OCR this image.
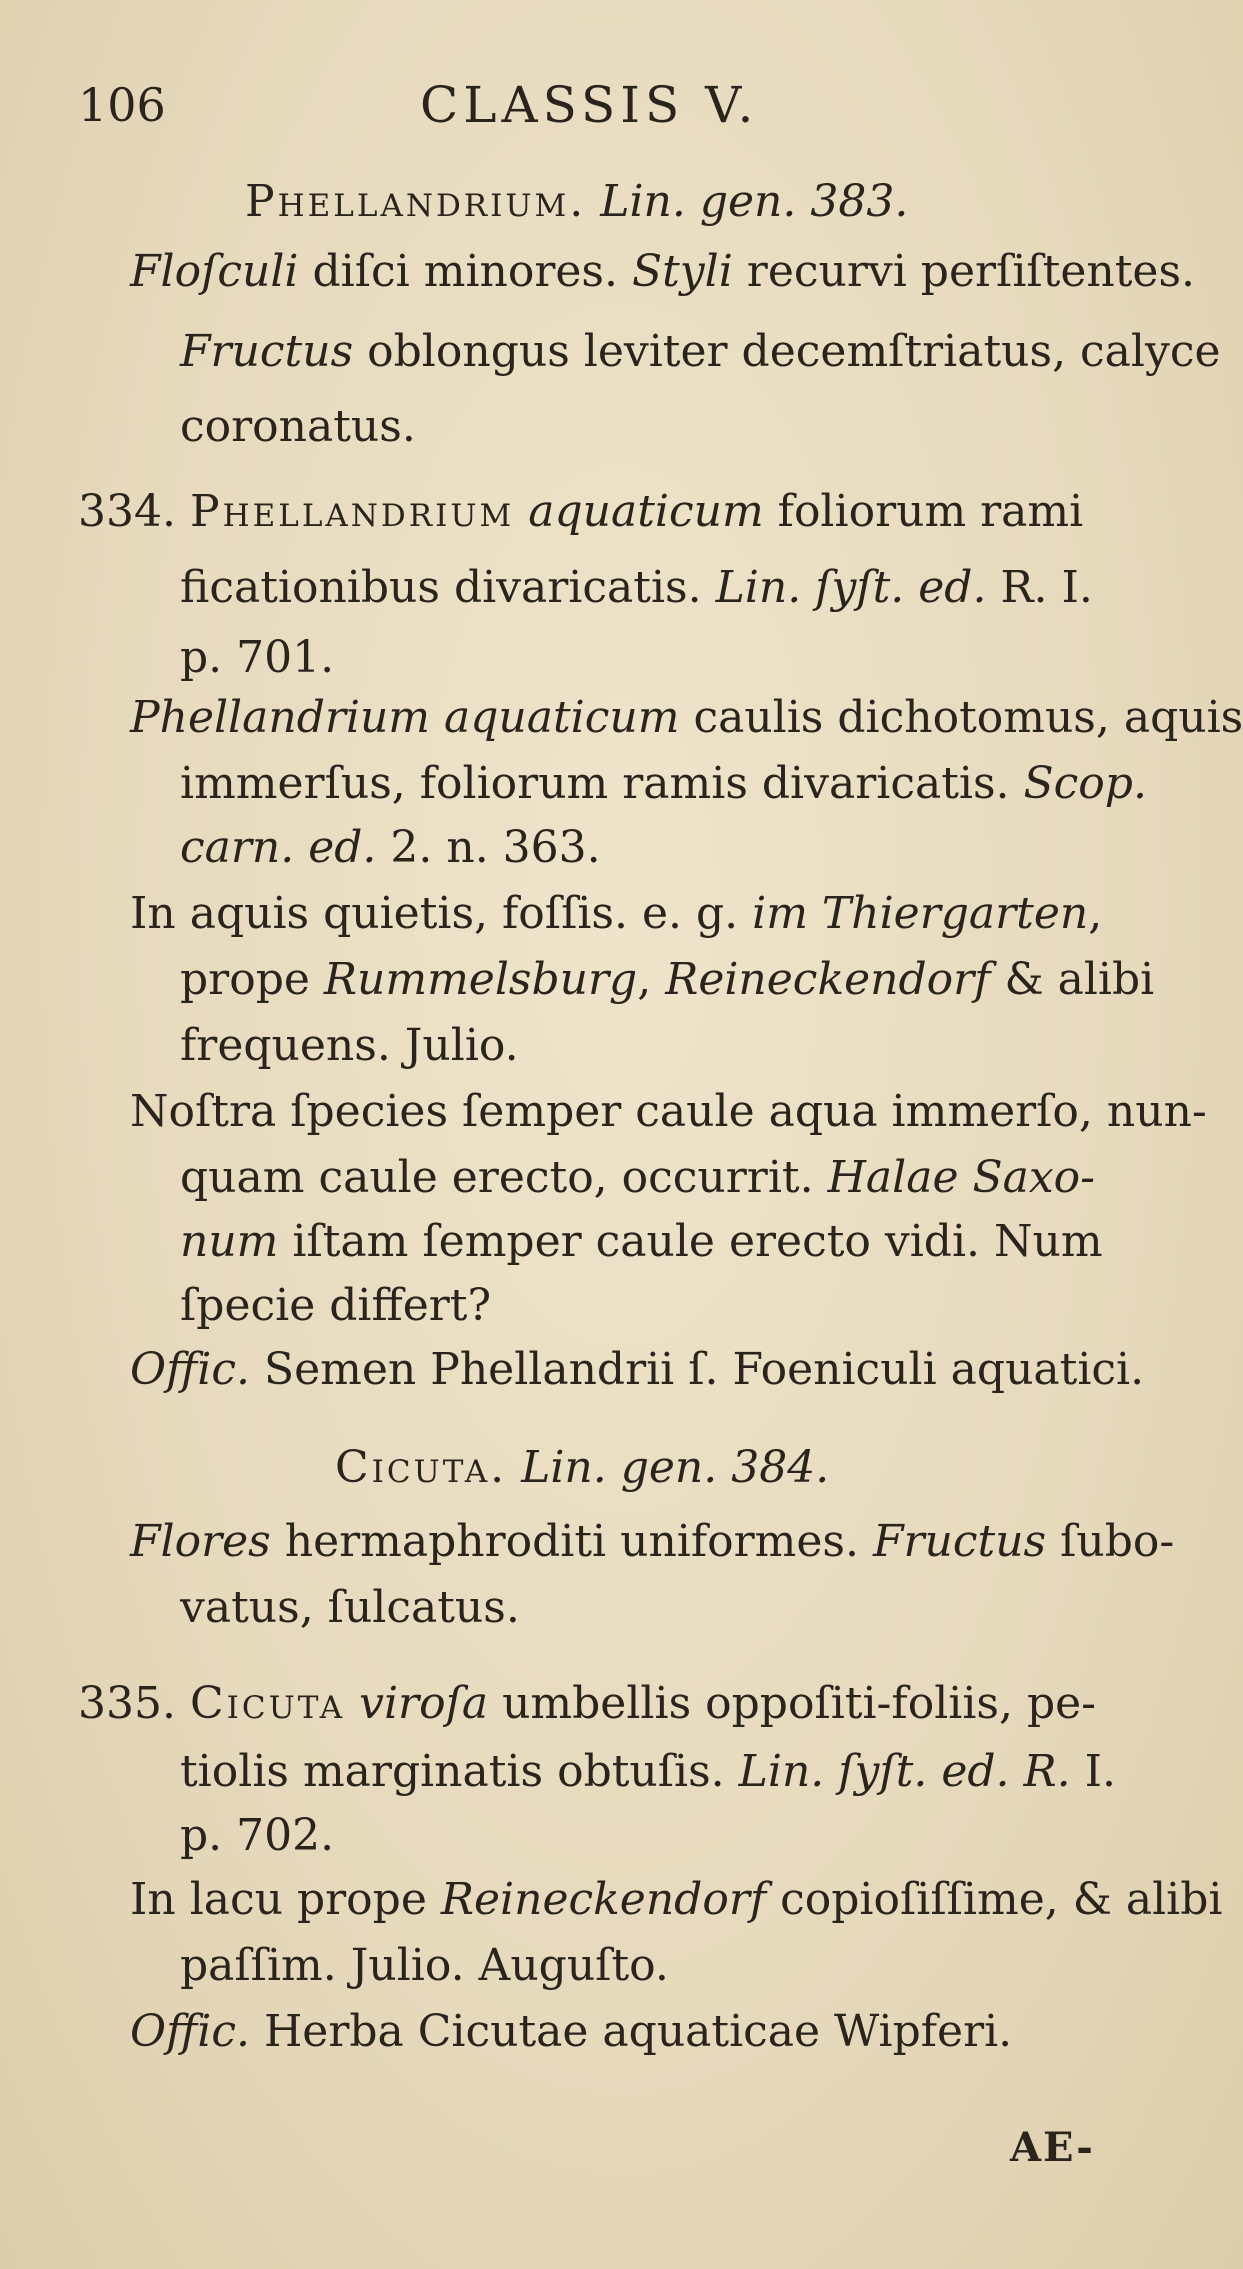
106	CLASSIS V.
Phellandrium. Lin. gen. 383.
Floſculi diſci minores. Styli recurvi perſiſtentes.
Fructus oblongus leviter decemſtriatus, calyce
coronatus.
334. Phellandrium aquaticum foliorum rami
ficationibus divaricatis. Lin. ſyſt. ed. R. I.
p. 701.
Phellandrium aquaticum caulis dichotomus, aquis
immerſus, foliorum ramis divaricatis. Scop.
carn. ed. 2. n. 363.
In aquis quietis, foſſis. e. g. im Thiergarten,
prope Rummelsburg, Reineckendorf & alibi
frequens. Julio.
Noſtra ſpecies ſemper caule aqua immerſo, nun-
quam caule erecto, occurrit. Halae Saxo-
num iſtam ſemper caule erecto vidi. Num
ſpecie differt?
Offic. Semen Phellandrii ſ. Foeniculi aquatici.
Cicuta. Lin. gen. 384.
Flores hermaphroditi uniformes. Fructus ſubo-
vatus, ſulcatus.
335. Cicuta viroſa umbellis oppoſiti-foliis, pe-
tiolis marginatis obtuſis. Lin. ſyſt. ed. R. I.
p. 702.
In lacu prope Reineckendorf copioſiſſime, & alibi
paſſim. Julio. Auguſto.
Offic. Herba Cicutae aquaticae Wipferi.
AE-
